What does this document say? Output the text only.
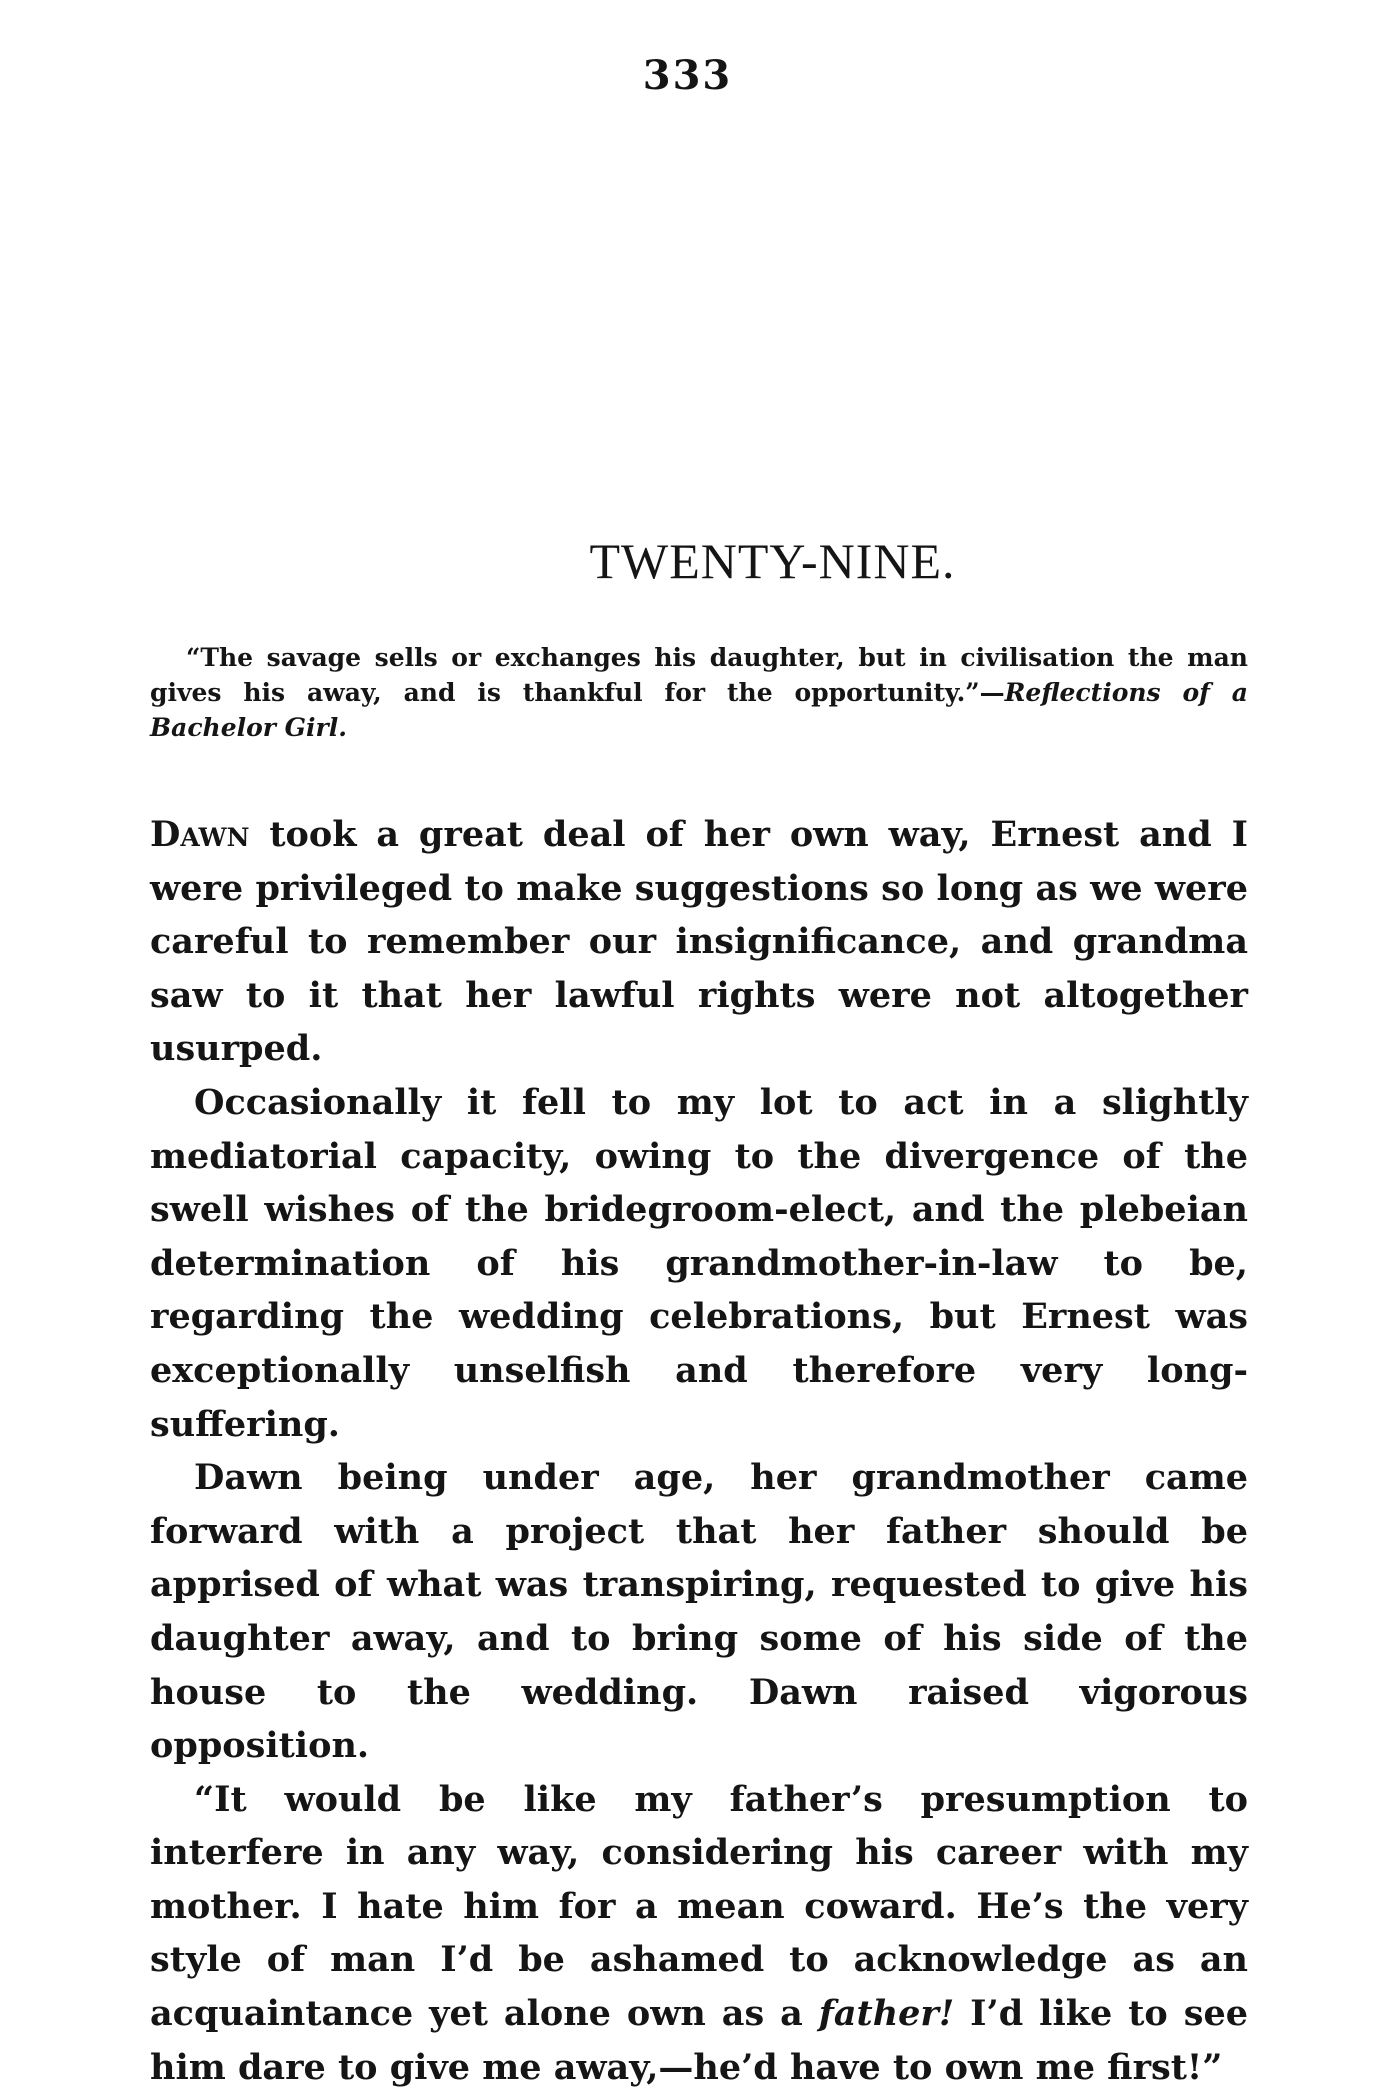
333
TWENTY-NINE.
“The savage sells or exchanges his daughter, but in civilisation the man gives his away, and is thankful for the opportunity.”—Reflections of a Bachelor Girl.

Dawn took a great deal of her own way, Ernest and I were privileged to make suggestions so long as we were careful to remember our insignificance, and grandma saw to it that her lawful rights were not altogether usurped.

Occasionally it fell to my lot to act in a slightly mediatorial capacity, owing to the divergence of the swell wishes of the bridegroom-elect, and the plebeian determination of his grandmother-in-law to be, regarding the wedding celebrations, but Ernest was exceptionally unselfish and therefore very long-suffering.

Dawn being under age, her grandmother came forward with a project that her father should be apprised of what was transpiring, requested to give his daughter away, and to bring some of his side of the house to the wedding. Dawn raised vigorous opposition.

“It would be like my father’s presumption to interfere in any way, considering his career with my mother. I hate him for a mean coward. He’s the very style of man I’d be ashamed to acknowledge as an acquaintance yet alone own as a father! I’d like to see him dare to give me away,—he’d have to own me first!”
